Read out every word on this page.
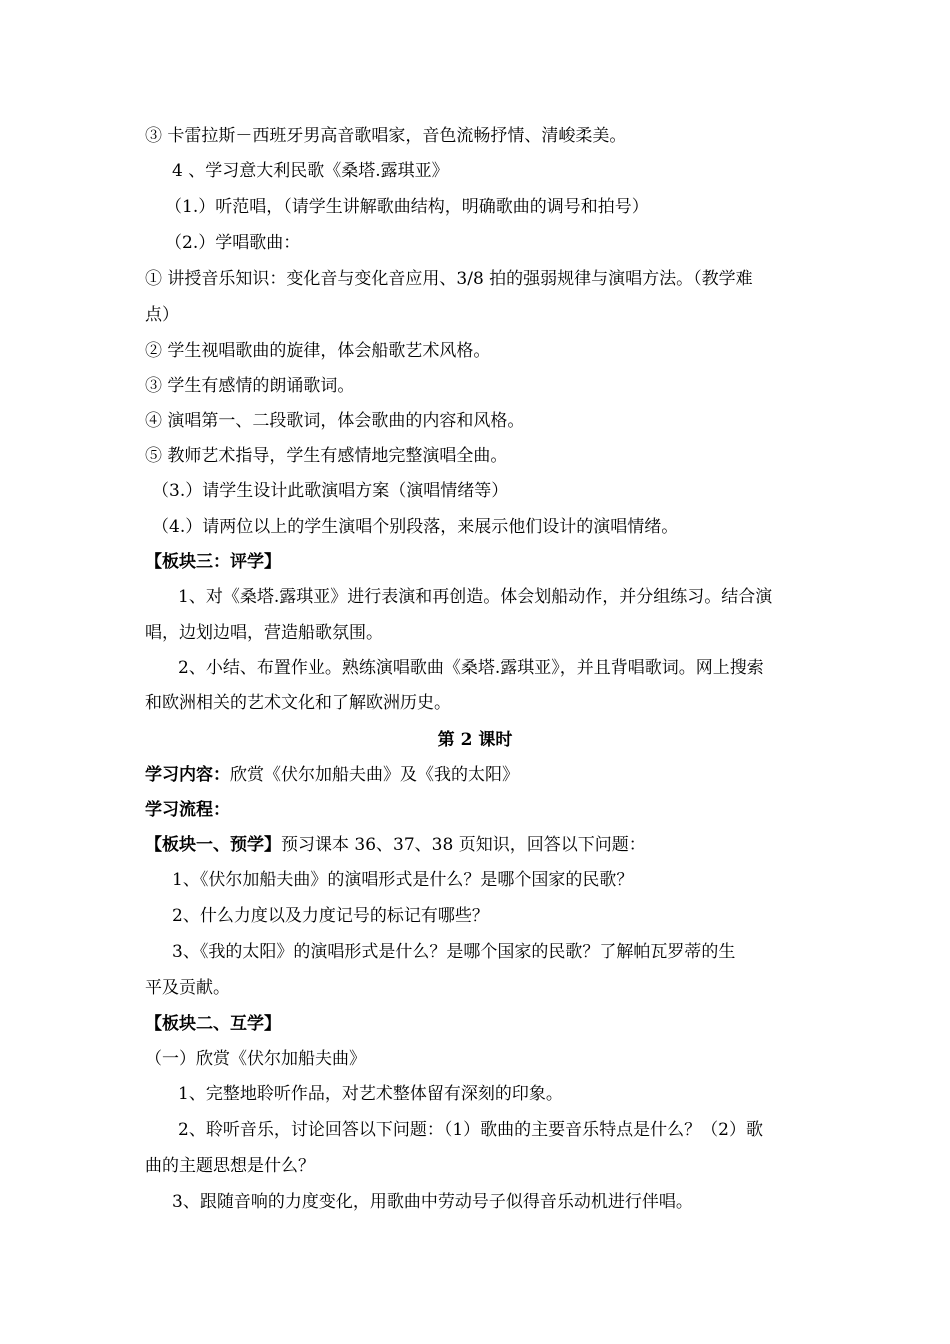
③ 卡雷拉斯－西班牙男高音歌唱家，音色流畅抒情、清峻柔美。
4 、学习意大利民歌《桑塔.露琪亚》
（1.）听范唱，（请学生讲解歌曲结构，明确歌曲的调号和拍号）
（2.）学唱歌曲：
① 讲授音乐知识：变化音与变化音应用、3/8 拍的强弱规律与演唱方法。（教学难
点）
② 学生视唱歌曲的旋律，体会船歌艺术风格。
③ 学生有感情的朗诵歌词。
④ 演唱第一、二段歌词，体会歌曲的内容和风格。
⑤ 教师艺术指导，学生有感情地完整演唱全曲。
（3.）请学生设计此歌演唱方案（演唱情绪等）
（4.）请两位以上的学生演唱个别段落，来展示他们设计的演唱情绪。
【板块三：评学】
1、对《桑塔.露琪亚》进行表演和再创造。体会划船动作，并分组练习。结合演
唱，边划边唱，营造船歌氛围。
2、小结、布置作业。熟练演唱歌曲《桑塔.露琪亚》，并且背唱歌词。网上搜索
和欧洲相关的艺术文化和了解欧洲历史。
第 2 课时
学习内容：欣赏《伏尔加船夫曲》及《我的太阳》
学习流程：
【板块一、预学】预习课本 36、37、38 页知识，回答以下问题：
1、《伏尔加船夫曲》的演唱形式是什么？是哪个国家的民歌？
2、什么力度以及力度记号的标记有哪些？
3、《我的太阳》的演唱形式是什么？是哪个国家的民歌？了解帕瓦罗蒂的生
平及贡献。
【板块二、互学】
（一）欣赏《伏尔加船夫曲》
1、完整地聆听作品，对艺术整体留有深刻的印象。
2、聆听音乐，讨论回答以下问题：（1）歌曲的主要音乐特点是什么？（2）歌
曲的主题思想是什么？
3、跟随音响的力度变化，用歌曲中劳动号子似得音乐动机进行伴唱。
